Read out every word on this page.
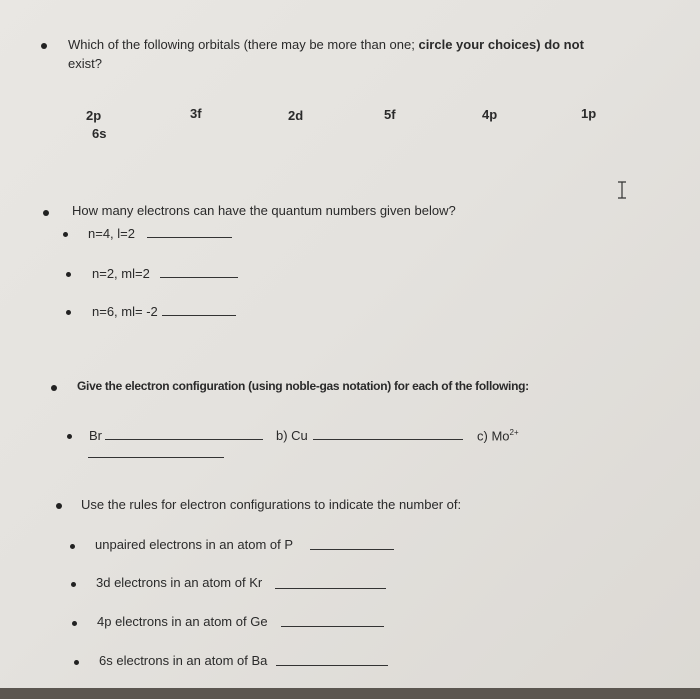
Which of the following orbitals (there may be more than one; circle your choices) do not
exist?
2p	3f	2d	5f	4p	1p
6s
How many electrons can have the quantum numbers given below?
n=4, l=2
n=2, ml=2
n=6, ml= -2
Give the electron configuration (using noble-gas notation) for each of the following:
Br	b) Cu	c) $Mo^{2+}$
Use the rules for electron configurations to indicate the number of:
unpaired electrons in an atom of P
3d electrons in an atom of Kr
4p electrons in an atom of Ge
6s electrons in an atom of Ba
